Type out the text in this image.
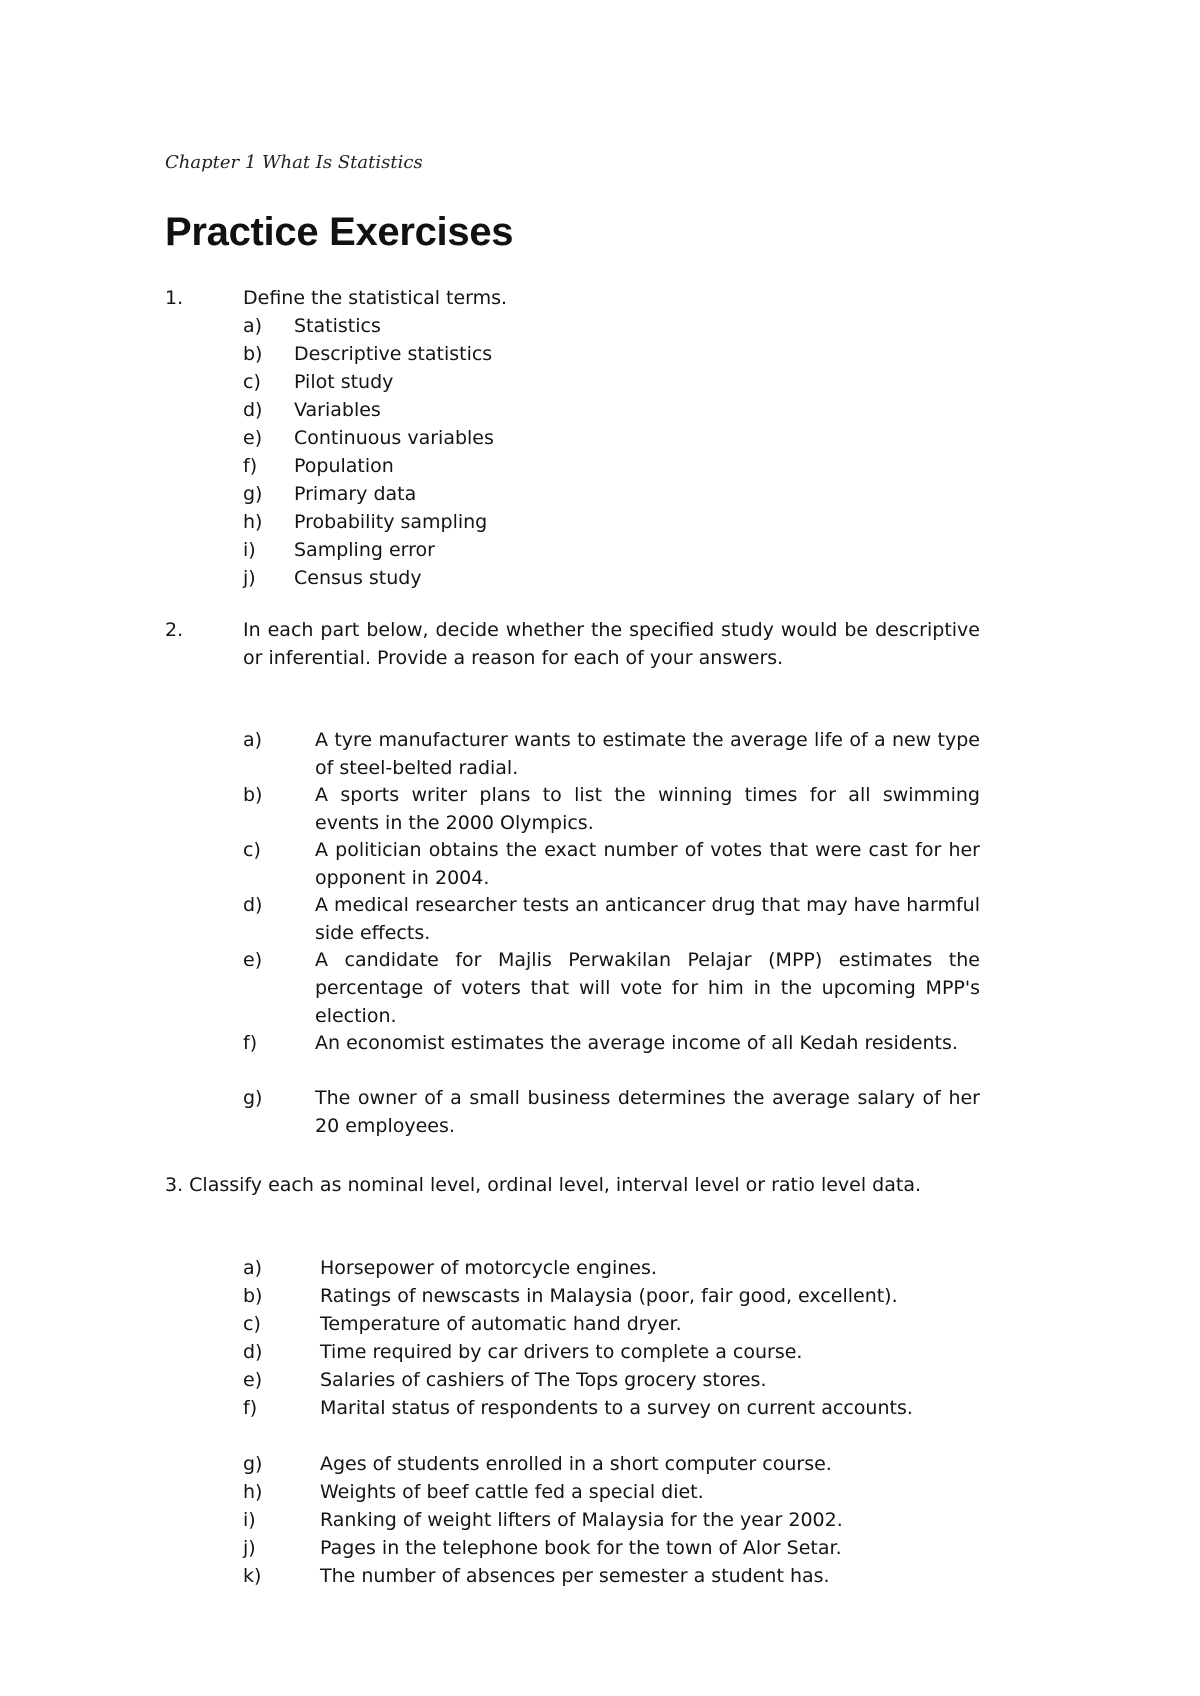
Chapter 1 What Is Statistics
Practice Exercises
1.	Define the statistical terms.
a) Statistics
b) Descriptive statistics
c) Pilot study
d) Variables
e) Continuous variables
f) Population
g) Primary data
h) Probability sampling
i) Sampling error
j) Census study
2.	In each part below, decide whether the specified study would be descriptive or inferential. Provide a reason for each of your answers.

a)	A tyre manufacturer wants to estimate the average life of a new type of steel-belted radial.
b)	A sports writer plans to list the winning times for all swimming events in the 2000 Olympics.
c)	A politician obtains the exact number of votes that were cast for her opponent in 2004.
d)	A medical researcher tests an anticancer drug that may have harmful side effects.
e)	A candidate for Majlis Perwakilan Pelajar (MPP) estimates the percentage of voters that will vote for him in the upcoming MPP's election.
f)	An economist estimates the average income of all Kedah residents.
g)	The owner of a small business determines the average salary of her 20 employees.

3. Classify each as nominal level, ordinal level, interval level or ratio level data.

a)	Horsepower of motorcycle engines.
b)	Ratings of newscasts in Malaysia (poor, fair good, excellent).
c)	Temperature of automatic hand dryer.
d)	Time required by car drivers to complete a course.
e)	Salaries of cashiers of The Tops grocery stores.
f)	Marital status of respondents to a survey on current accounts.
g)	Ages of students enrolled in a short computer course.
h)	Weights of beef cattle fed a special diet.
i)	Ranking of weight lifters of Malaysia for the year 2002.
j)	Pages in the telephone book for the town of Alor Setar.
k)	The number of absences per semester a student has.
